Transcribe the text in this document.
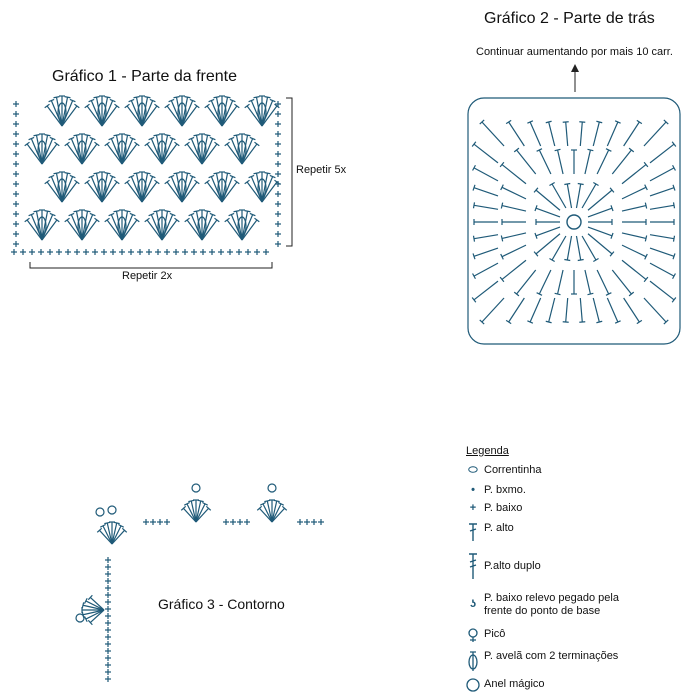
Gráfico 1 - Parte da frente
Repetir 5x
Repetir 2x
Gráfico 2 - Parte de trás
Continuar aumentando por mais 10 carr.
Gráfico 3 - Contorno
Legenda
⬭ Correntinha
• P. bxmo.
+ P. baixo
P. alto
P.alto duplo
ʖ P. baixo relevo pegado pela
frente do ponto de base
Picô
P. avelã com 2 terminações
Anel mágico
